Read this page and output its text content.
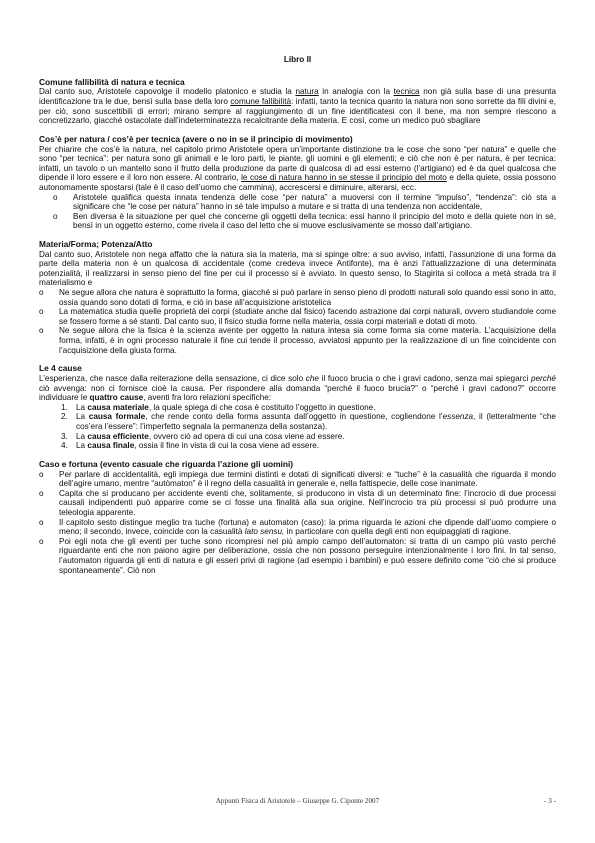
Libro II
Comune fallibilità di natura e tecnica

Dal canto suo, Aristotele capovolge il modello platonico e studia la natura in analogia con la tecnica non già sulla base di una presunta identificazione tra le due, bensì sulla base della loro comune fallibilità: infatti, tanto la tecnica quanto la natura non sono sorrette da fili divini e, per ciò, sono suscettibili di errori; mirano sempre al raggiungimento di un fine identificatesi con il bene, ma non sempre riescono a concretizzarlo, giacché ostacolate dall’indeterminatezza recalcitrante della materia. E così, come un medico può sbagliare

Cos’è per natura / cos’è per tecnica (avere o no in se il principio di movimento)

Per chiarire che cos’è la natura, nel capitolo primo Aristotele opera un’importante distinzione tra le cose che sono “per natura” e quelle che sono “per tecnica”: per natura sono gli animali e le loro parti, le piante, gli uomini e gli elementi; e ciò che non è per natura, è per tecnica: infatti, un tavolo o un mantello sono il frutto della produzione da parte di qualcosa di ad essi esterno (l’artigiano) ed è da quel qualcosa che dipende il loro essere e il loro non essere. Al contrario, le cose di natura hanno in se stesse il principio del moto e della quiete, ossia possono autonomamente spostarsi (tale è il caso dell’uomo che cammina), accrescersi e diminuire, alterarsi, ecc.

o Aristotele qualifica questa innata tendenza delle cose “per natura” a muoversi con il termine “impulso”, “tendenza”: ciò sta a significare che “le cose per natura” hanno in sé tale impulso a mutare e si tratta di una tendenza non accidentale,
o Ben diversa è la situazione per quel che concerne gli oggetti della tecnica: essi hanno il principio del moto e della quiete non in sé, bensì in un oggetto esterno, come rivela il caso del letto che si muove esclusivamente se mosso dall’artigiano.
Materia/Forma; Potenza/Atto

Dal canto suo, Aristotele non nega affatto che la natura sia la materia, ma si spinge oltre: a suo avviso, infatti, l’assunzione di una forma da parte della materia non è un qualcosa di accidentale (come credeva invece Antifonte), ma è anzi l’attualizzazione di una determinata potenzialità, il realizzarsi in senso pieno del fine per cui il processo si è avviato. In questo senso, lo Stagirita si colloca a metà strada tra il materialismo e

o Ne segue allora che natura è soprattutto la forma, giacché si può parlare in senso pieno di prodotti naturali solo quando essi sono in atto, ossia quando sono dotati di forma, e ciò in base all’acquisizione aristotelica
o La matematica studia quelle proprietà dei corpi (studiate anche dal fisico) facendo astrazione dai corpi naturali, ovvero studiandole come se fossero forme a sé stanti. Dal canto suo, il fisico studia forme nella materia, ossia corpi materiali e dotati di moto.
o Ne segue allora che la fisica è la scienza avente per oggetto la natura intesa sia come forma sia come materia. L’acquisizione della forma, infatti, è in ogni processo naturale il fine cui tende il processo, avviatosi appunto per la realizzazione di un fine coincidente con l’acquisizione della giusta forma.
Le 4 cause

L’esperienza, che nasce dalla reiterazione della sensazione, ci dice solo che il fuoco brucia o che i gravi cadono, senza mai spiegarci perché ciò avvenga: non ci fornisce cioè la causa. Per rispondere alla domanda “perché il fuoco brucia?” o “perché i gravi cadono?” occorre individuare le quattro cause, aventi fra loro relazioni specifiche:

1. La causa materiale, la quale spiega di che cosa è costituito l’oggetto in questione.
2. La causa formale, che rende conto della forma assunta dall’oggetto in questione, cogliendone l’essenza, il (letteralmente “che cos’era l’essere”: l’imperfetto segnala la permanenza della sostanza).
3. La causa efficiente, ovvero ciò ad opera di cui una cosa viene ad essere.
4. La causa finale, ossia il fine in vista di cui la cosa viene ad essere.
Caso e fortuna (evento casuale che riguarda l’azione gli uomini)
o Per parlare di accidentalità, egli impiega due termini distinti e dotati di significati diversi: e “tuche” è la casualità che riguarda il mondo dell’agire umano, mentre “autòmaton” è il regno della casualità in generale e, nella fattispecie, delle cose inanimate.
o Capita che si producano per accidente eventi che, solitamente, si producono in vista di un determinato fine: l’incrocio di due processi causali indipendenti può apparire come se ci fosse una finalità alla sua origine. Nell’incrocio tra più processi si può produrre una teleologia apparente.
o Il capitolo sesto distingue meglio tra tuche (fortuna) e automaton (caso): la prima riguarda le azioni che dipende dall’uomo compiere o meno; il secondo, invece, coincide con la casualità lato sensu, in particolare con quella degli enti non equipaggiati di ragione.
o Poi egli nota che gli eventi per tuche sono ricompresi nel più ampio campo dell’automaton: si tratta di un campo più vasto perché riguardante enti che non paiono agire per deliberazione, ossia che non possono perseguire intenzionalmente i loro fini. In tal senso, l’automaton riguarda gli enti di natura e gli esseri privi di ragione (ad esempio i bambini) e può essere definito come “ciò che si produce spontaneamente”. Ciò non
Appunti Fisica di Aristotele – Giuseppe G. Ciponte 2007	- 3 -
